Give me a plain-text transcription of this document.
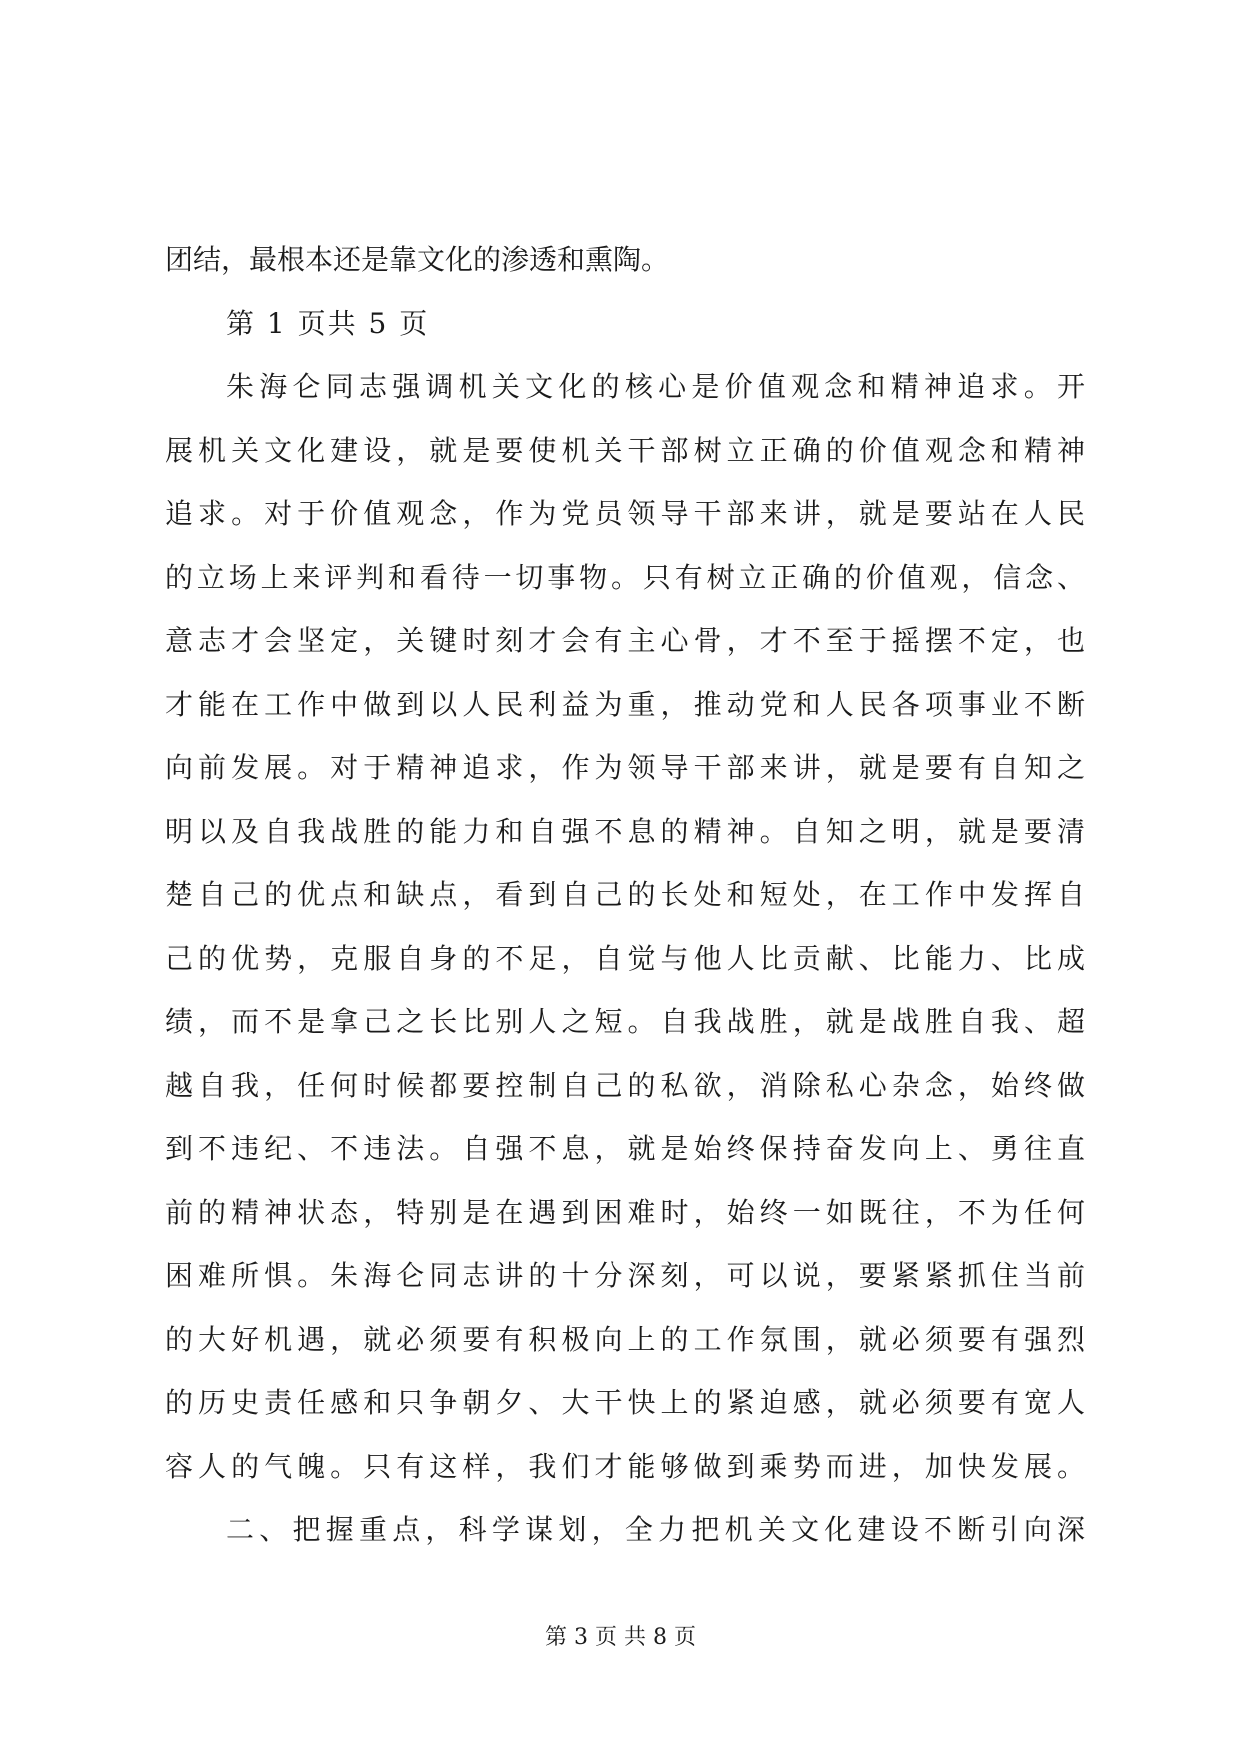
团结，最根本还是靠文化的渗透和熏陶。
第 1 页共 5 页
朱海仑同志强调机关文化的核心是价值观念和精神追求。开
展机关文化建设，就是要使机关干部树立正确的价值观念和精神
追求。对于价值观念，作为党员领导干部来讲，就是要站在人民
的立场上来评判和看待一切事物。只有树立正确的价值观，信念、
意志才会坚定，关键时刻才会有主心骨，才不至于摇摆不定，也
才能在工作中做到以人民利益为重，推动党和人民各项事业不断
向前发展。对于精神追求，作为领导干部来讲，就是要有自知之
明以及自我战胜的能力和自强不息的精神。自知之明，就是要清
楚自己的优点和缺点，看到自己的长处和短处，在工作中发挥自
己的优势，克服自身的不足，自觉与他人比贡献、比能力、比成
绩，而不是拿己之长比别人之短。自我战胜，就是战胜自我、超
越自我，任何时候都要控制自己的私欲，消除私心杂念，始终做
到不违纪、不违法。自强不息，就是始终保持奋发向上、勇往直
前的精神状态，特别是在遇到困难时，始终一如既往，不为任何
困难所惧。朱海仑同志讲的十分深刻，可以说，要紧紧抓住当前
的大好机遇，就必须要有积极向上的工作氛围，就必须要有强烈
的历史责任感和只争朝夕、大干快上的紧迫感，就必须要有宽人
容人的气魄。只有这样，我们才能够做到乘势而进，加快发展。
二、把握重点，科学谋划，全力把机关文化建设不断引向深
第 3 页 共 8 页
